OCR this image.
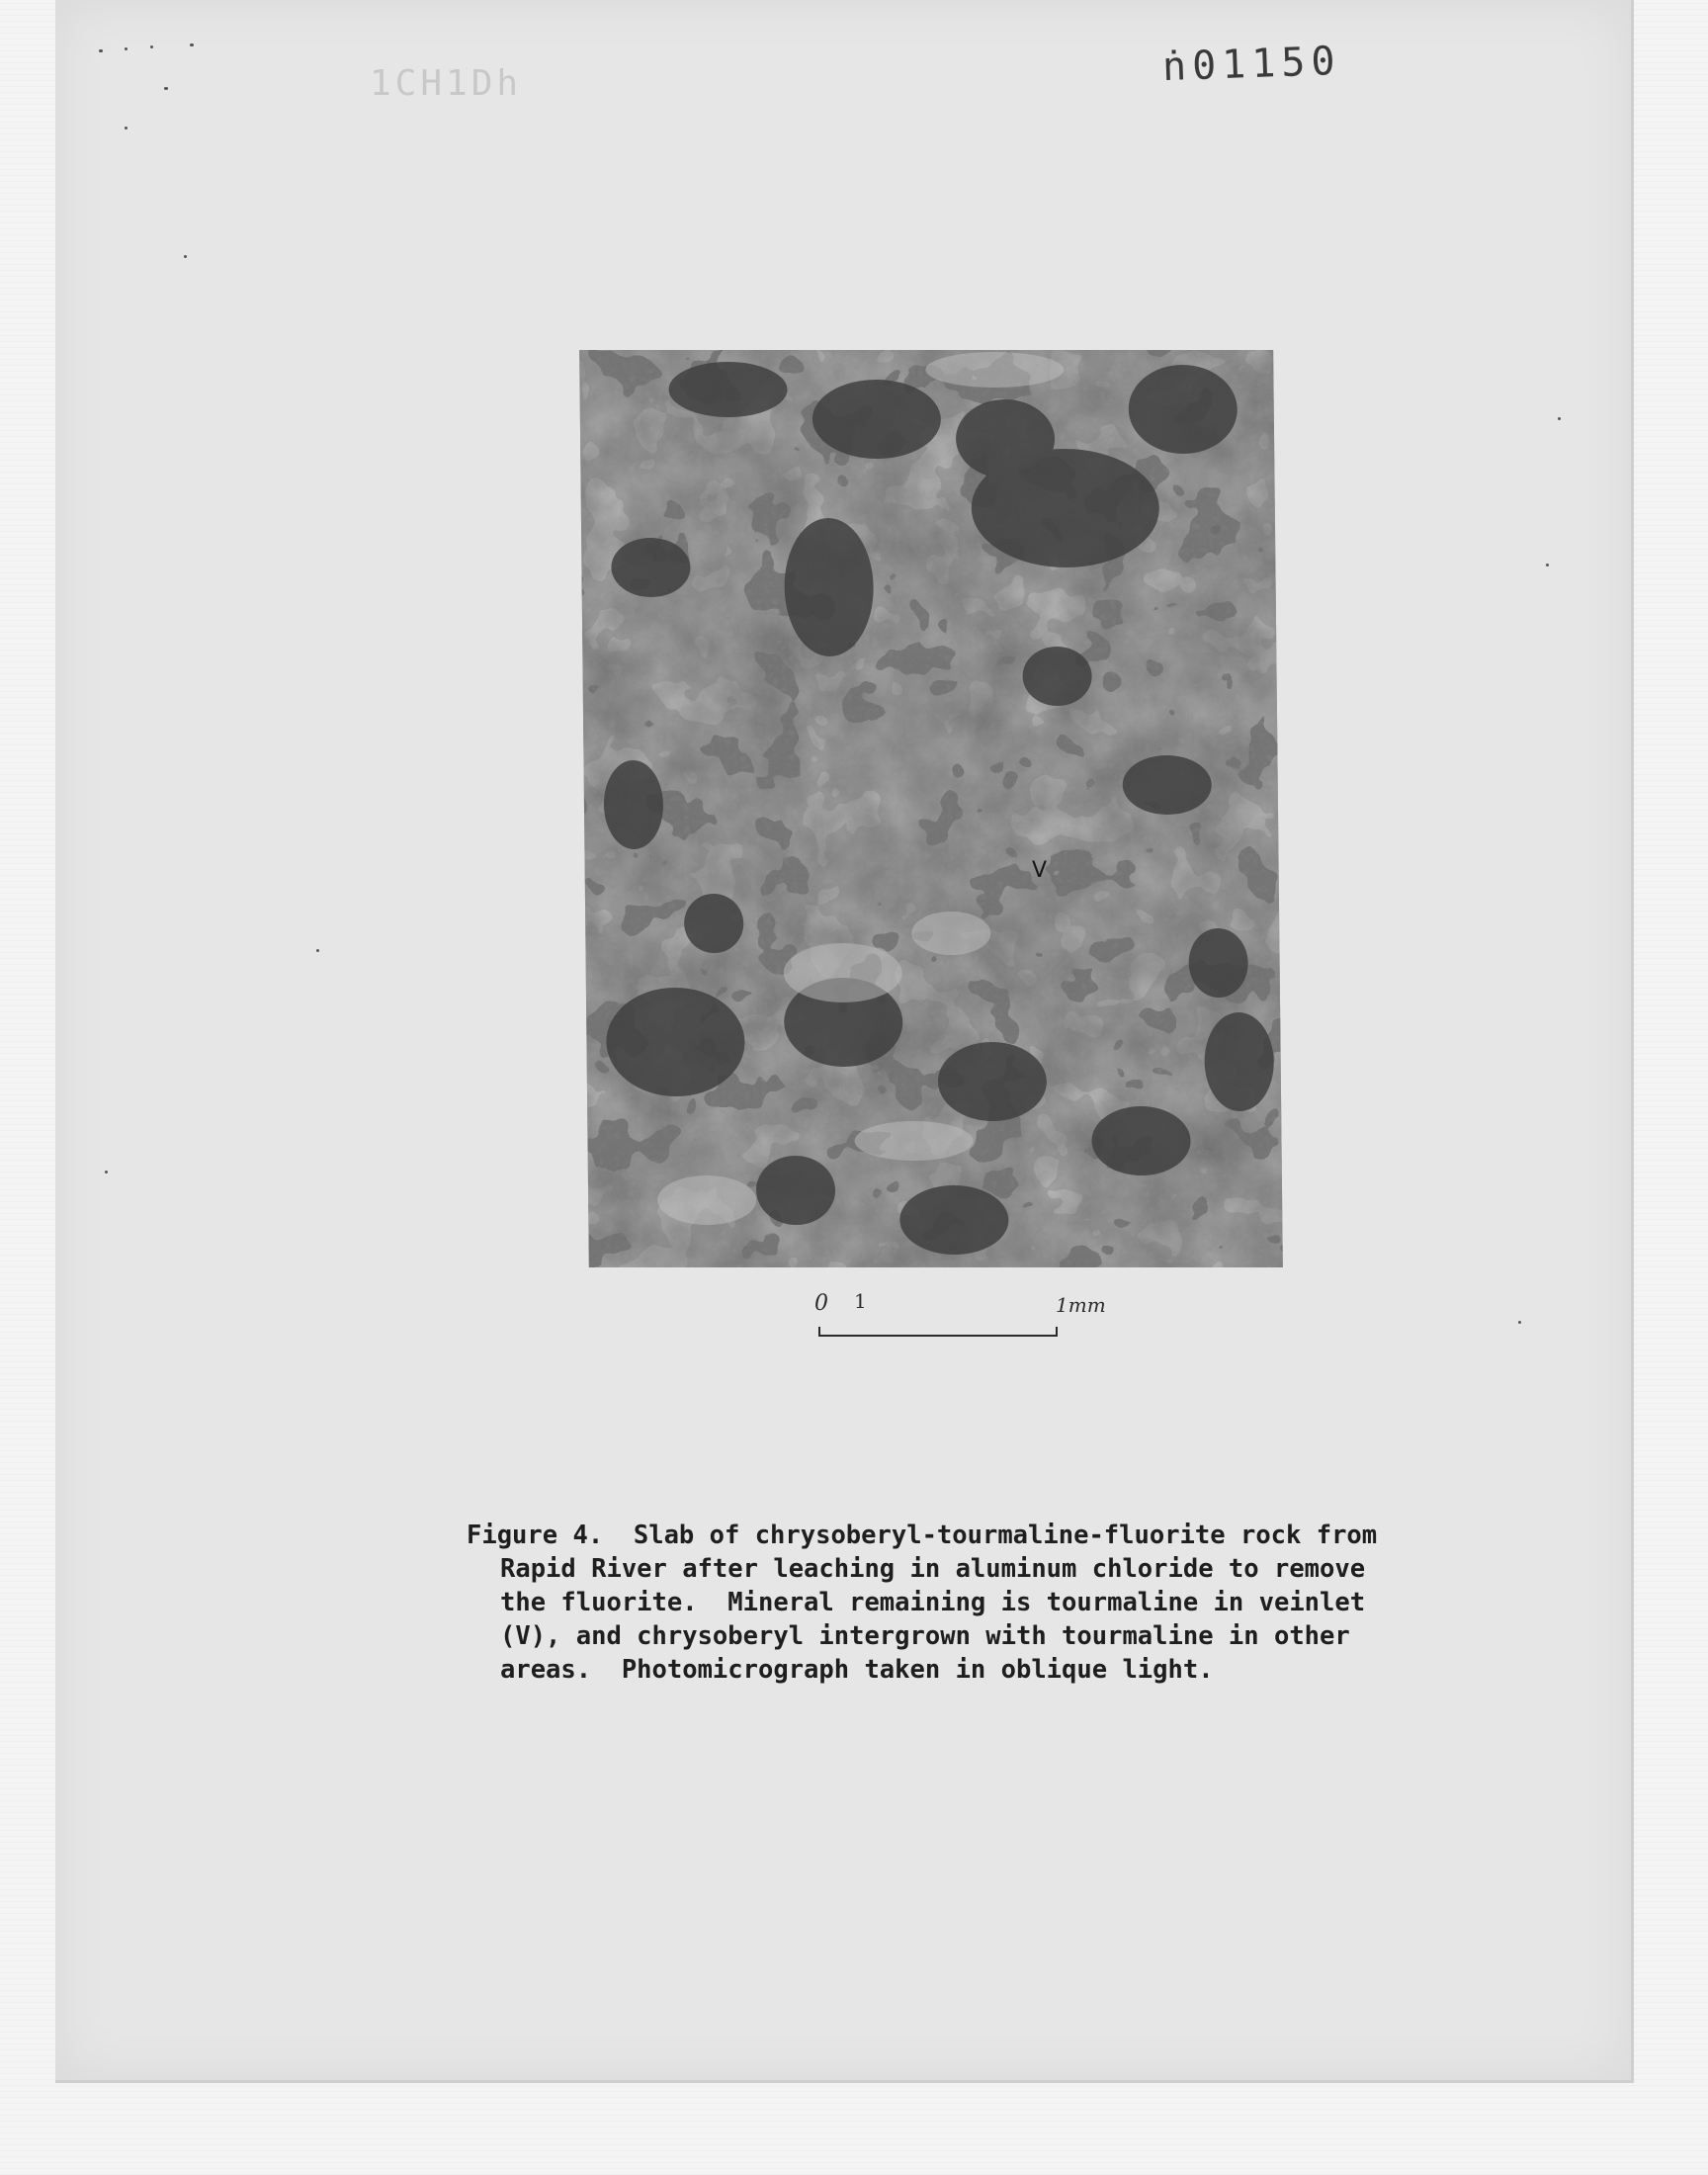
1CH1Dh	ṅ01150
V
0 1	1mm
Figure 4.  Slab of chrysoberyl-tourmaline-fluorite rock from
Rapid River after leaching in aluminum chloride to remove
the fluorite.  Mineral remaining is tourmaline in veinlet
(V), and chrysoberyl intergrown with tourmaline in other
areas.  Photomicrograph taken in oblique light.
